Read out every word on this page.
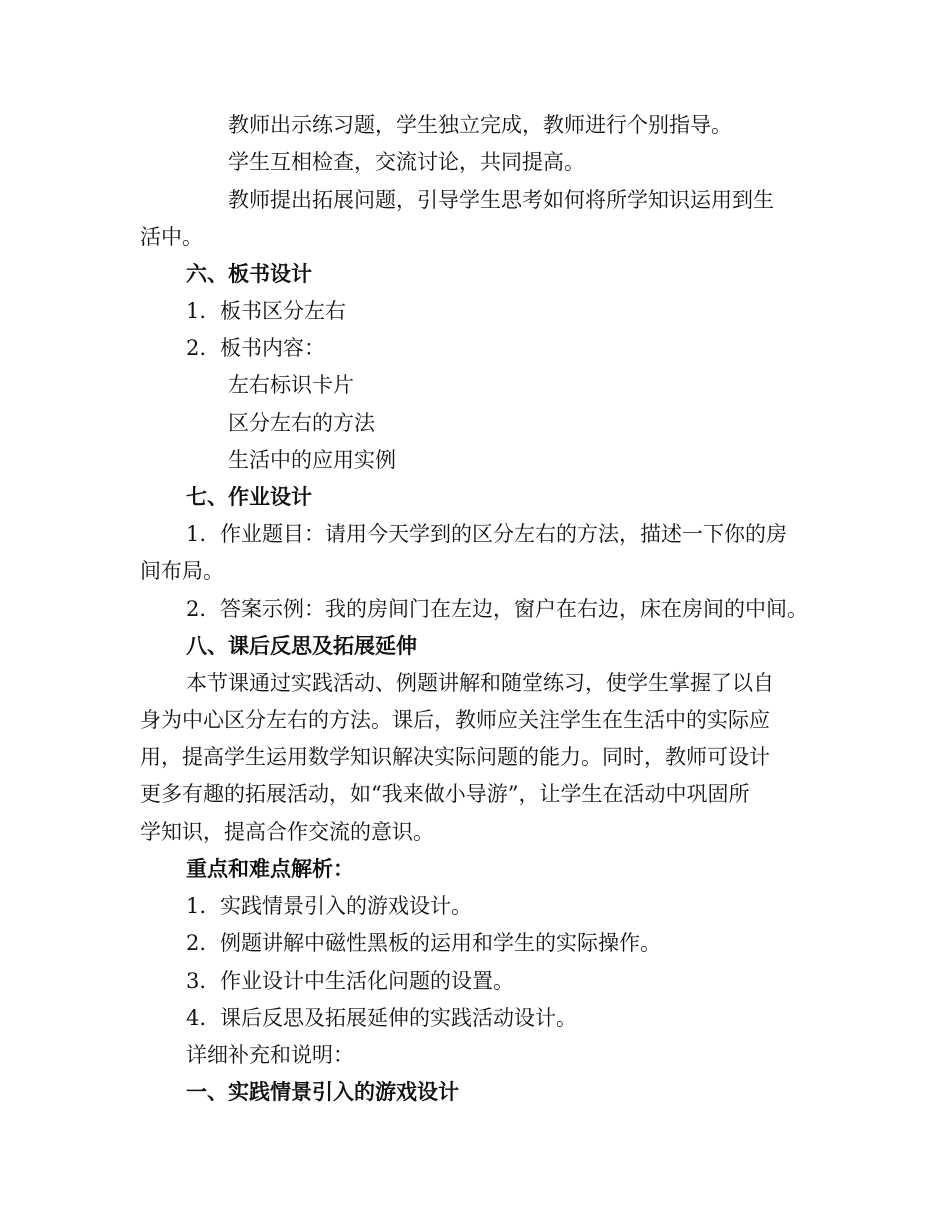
教师出示练习题，学生独立完成，教师进行个别指导。
学生互相检查，交流讨论，共同提高。
教师提出拓展问题，引导学生思考如何将所学知识运用到生
活中。
六、板书设计
1. 板书区分左右
2. 板书内容：
左右标识卡片
区分左右的方法
生活中的应用实例
七、作业设计
1. 作业题目：请用今天学到的区分左右的方法，描述一下你的房
间布局。
2. 答案示例：我的房间门在左边，窗户在右边，床在房间的中间。
八、课后反思及拓展延伸
本节课通过实践活动、例题讲解和随堂练习，使学生掌握了以自
身为中心区分左右的方法。课后，教师应关注学生在生活中的实际应
用，提高学生运用数学知识解决实际问题的能力。同时，教师可设计
更多有趣的拓展活动，如“我来做小导游”，让学生在活动中巩固所
学知识，提高合作交流的意识。
重点和难点解析：
1. 实践情景引入的游戏设计。
2. 例题讲解中磁性黑板的运用和学生的实际操作。
3. 作业设计中生活化问题的设置。
4. 课后反思及拓展延伸的实践活动设计。
详细补充和说明：
一、实践情景引入的游戏设计
